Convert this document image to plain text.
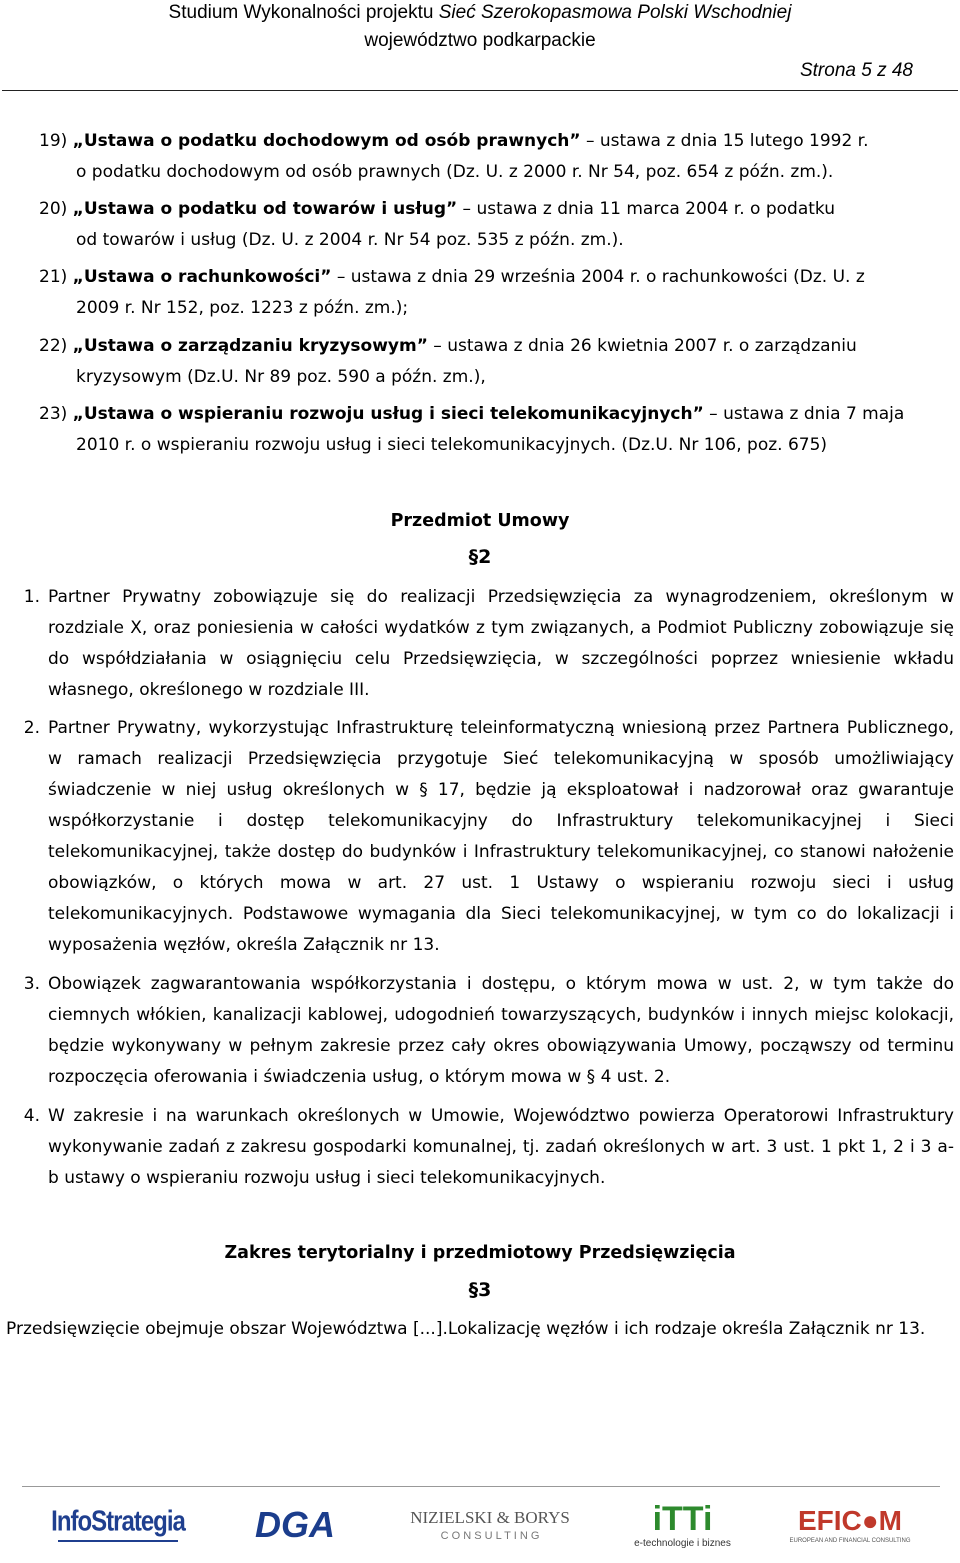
Studium Wykonalności projektu Sieć Szerokopasmowa Polski Wschodniej
województwo podkarpackie
Strona 5 z 48
19) „Ustawa o podatku dochodowym od osób prawnych” – ustawa z dnia 15 lutego 1992 r.
o podatku dochodowym od osób prawnych (Dz. U. z 2000 r. Nr 54, poz. 654 z późn. zm.).
20) „Ustawa o podatku od towarów i usług” – ustawa z dnia 11 marca 2004 r. o podatku
od towarów i usług (Dz. U. z 2004 r. Nr 54 poz. 535 z późn. zm.).
21) „Ustawa o rachunkowości” – ustawa z dnia 29 września 2004 r. o rachunkowości (Dz. U. z
2009 r. Nr 152, poz. 1223 z późn. zm.);
22) „Ustawa o zarządzaniu kryzysowym” – ustawa z dnia 26 kwietnia 2007 r. o zarządzaniu
kryzysowym (Dz.U. Nr 89 poz. 590 a późn. zm.),
23) „Ustawa o wspieraniu rozwoju usług i sieci telekomunikacyjnych” – ustawa z dnia 7 maja
2010 r. o wspieraniu rozwoju usług i sieci telekomunikacyjnych. (Dz.U. Nr 106, poz. 675)
Przedmiot Umowy
§2
1. Partner Prywatny zobowiązuje się do realizacji Przedsięwzięcia za wynagrodzeniem, określonym w rozdziale X, oraz poniesienia w całości wydatków z tym związanych, a Podmiot Publiczny zobowiązuje się do współdziałania w osiągnięciu celu Przedsięwzięcia, w szczególności poprzez wniesienie wkładu własnego, określonego w rozdziale III.
2. Partner Prywatny, wykorzystując Infrastrukturę teleinformatyczną wniesioną przez Partnera Publicznego, w ramach realizacji Przedsięwzięcia przygotuje Sieć telekomunikacyjną w sposób umożliwiający świadczenie w niej usług określonych w § 17, będzie ją eksploatował i nadzorował oraz gwarantuje współkorzystanie i dostęp telekomunikacyjny do Infrastruktury telekomunikacyjnej i Sieci telekomunikacyjnej, także dostęp do budynków i Infrastruktury telekomunikacyjnej, co stanowi nałożenie obowiązków, o których mowa w art. 27 ust. 1 Ustawy o wspieraniu rozwoju sieci i usług telekomunikacyjnych. Podstawowe wymagania dla Sieci telekomunikacyjnej, w tym co do lokalizacji i wyposażenia węzłów, określa Załącznik nr 13.
3. Obowiązek zagwarantowania współkorzystania i dostępu, o którym mowa w ust. 2, w tym także do ciemnych włókien, kanalizacji kablowej, udogodnień towarzyszących, budynków i innych miejsc kolokacji, będzie wykonywany w pełnym zakresie przez cały okres obowiązywania Umowy, począwszy od terminu rozpoczęcia oferowania i świadczenia usług, o którym mowa w § 4 ust. 2.
4. W zakresie i na warunkach określonych w Umowie, Województwo powierza Operatorowi Infrastruktury wykonywanie zadań z zakresu gospodarki komunalnej, tj. zadań określonych w art. 3 ust. 1 pkt 1, 2 i 3 a-b ustawy o wspieraniu rozwoju usług i sieci telekomunikacyjnych.
Zakres terytorialny i przedmiotowy Przedsięwzięcia
§3
Przedsięwzięcie obejmuje obszar Województwa [...].Lokalizację węzłów i ich rodzaje określa Załącznik nr 13.
InfoStrategia DGA	NIZIELSKI & BORYS
C O N S U L T I N G	iTTi
e-technologie i biznes
EFIC●M
EUROPEAN AND FINANCIAL CONSULTING
